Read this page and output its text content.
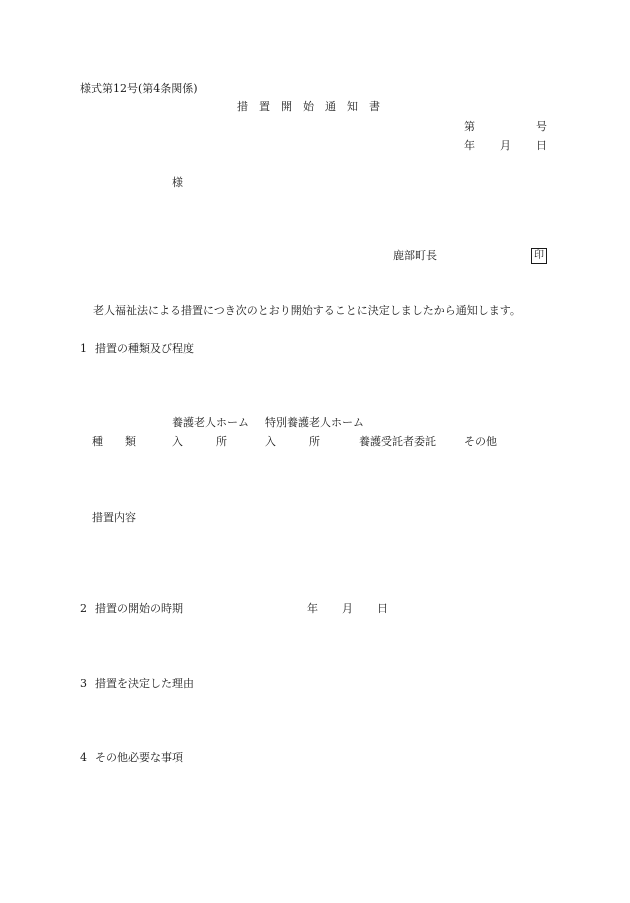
様式第12号(第4条関係)
措　置　開　始　通　知　書
第	号
年 月 日
様
鹿部町長	印
老人福祉法による措置につき次のとおり開始することに決定しましたから通知します。
1 措置の種類及び程度
養護老人ホーム 特別養護老人ホーム
種　　類	入　　　所	入　　　所	養護受託者委託	その他
措置内容
2 措置の開始の時期	年 月 日
3 措置を決定した理由
4 その他必要な事項
